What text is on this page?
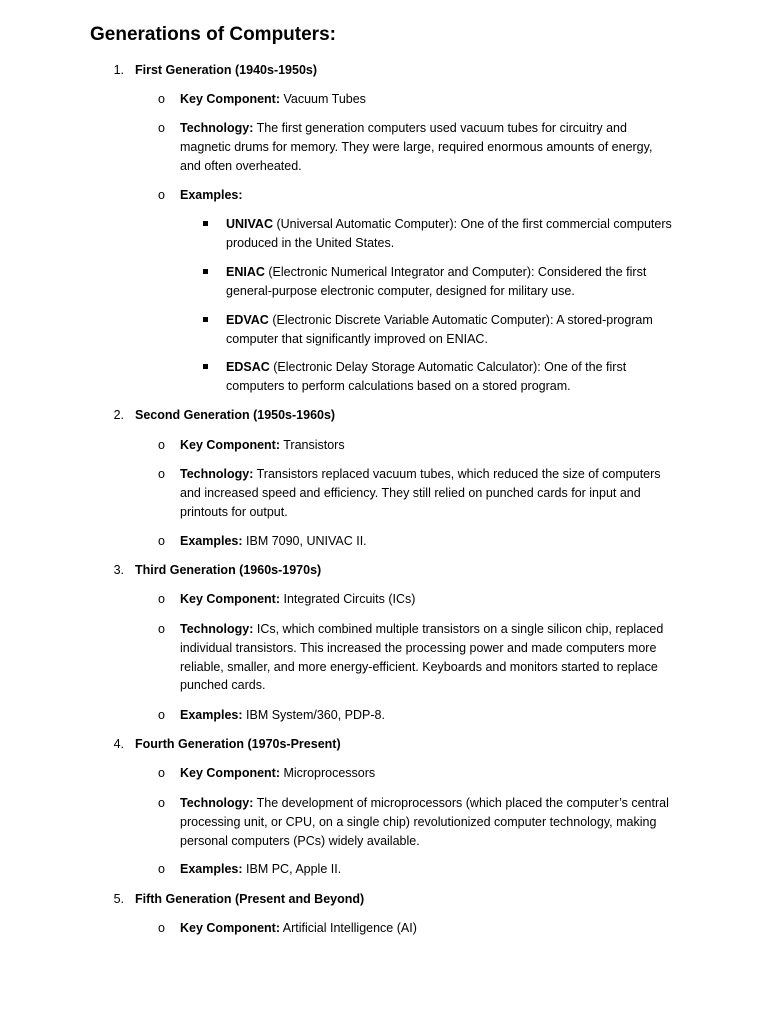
Generations of Computers:
1. First Generation (1940s-1950s)
o Key Component: Vacuum Tubes
o Technology: The first generation computers used vacuum tubes for circuitry and magnetic drums for memory. They were large, required enormous amounts of energy, and often overheated.
o Examples:
UNIVAC (Universal Automatic Computer): One of the first commercial computers produced in the United States.
ENIAC (Electronic Numerical Integrator and Computer): Considered the first general-purpose electronic computer, designed for military use.
EDVAC (Electronic Discrete Variable Automatic Computer): A stored-program computer that significantly improved on ENIAC.
EDSAC (Electronic Delay Storage Automatic Calculator): One of the first computers to perform calculations based on a stored program.
2. Second Generation (1950s-1960s)
o Key Component: Transistors
o Technology: Transistors replaced vacuum tubes, which reduced the size of computers and increased speed and efficiency. They still relied on punched cards for input and printouts for output.
o Examples: IBM 7090, UNIVAC II.
3. Third Generation (1960s-1970s)
o Key Component: Integrated Circuits (ICs)
o Technology: ICs, which combined multiple transistors on a single silicon chip, replaced individual transistors. This increased the processing power and made computers more reliable, smaller, and more energy-efficient. Keyboards and monitors started to replace punched cards.
o Examples: IBM System/360, PDP-8.
4. Fourth Generation (1970s-Present)
o Key Component: Microprocessors
o Technology: The development of microprocessors (which placed the computer’s central processing unit, or CPU, on a single chip) revolutionized computer technology, making personal computers (PCs) widely available.
o Examples: IBM PC, Apple II.
5. Fifth Generation (Present and Beyond)
o Key Component: Artificial Intelligence (AI)
